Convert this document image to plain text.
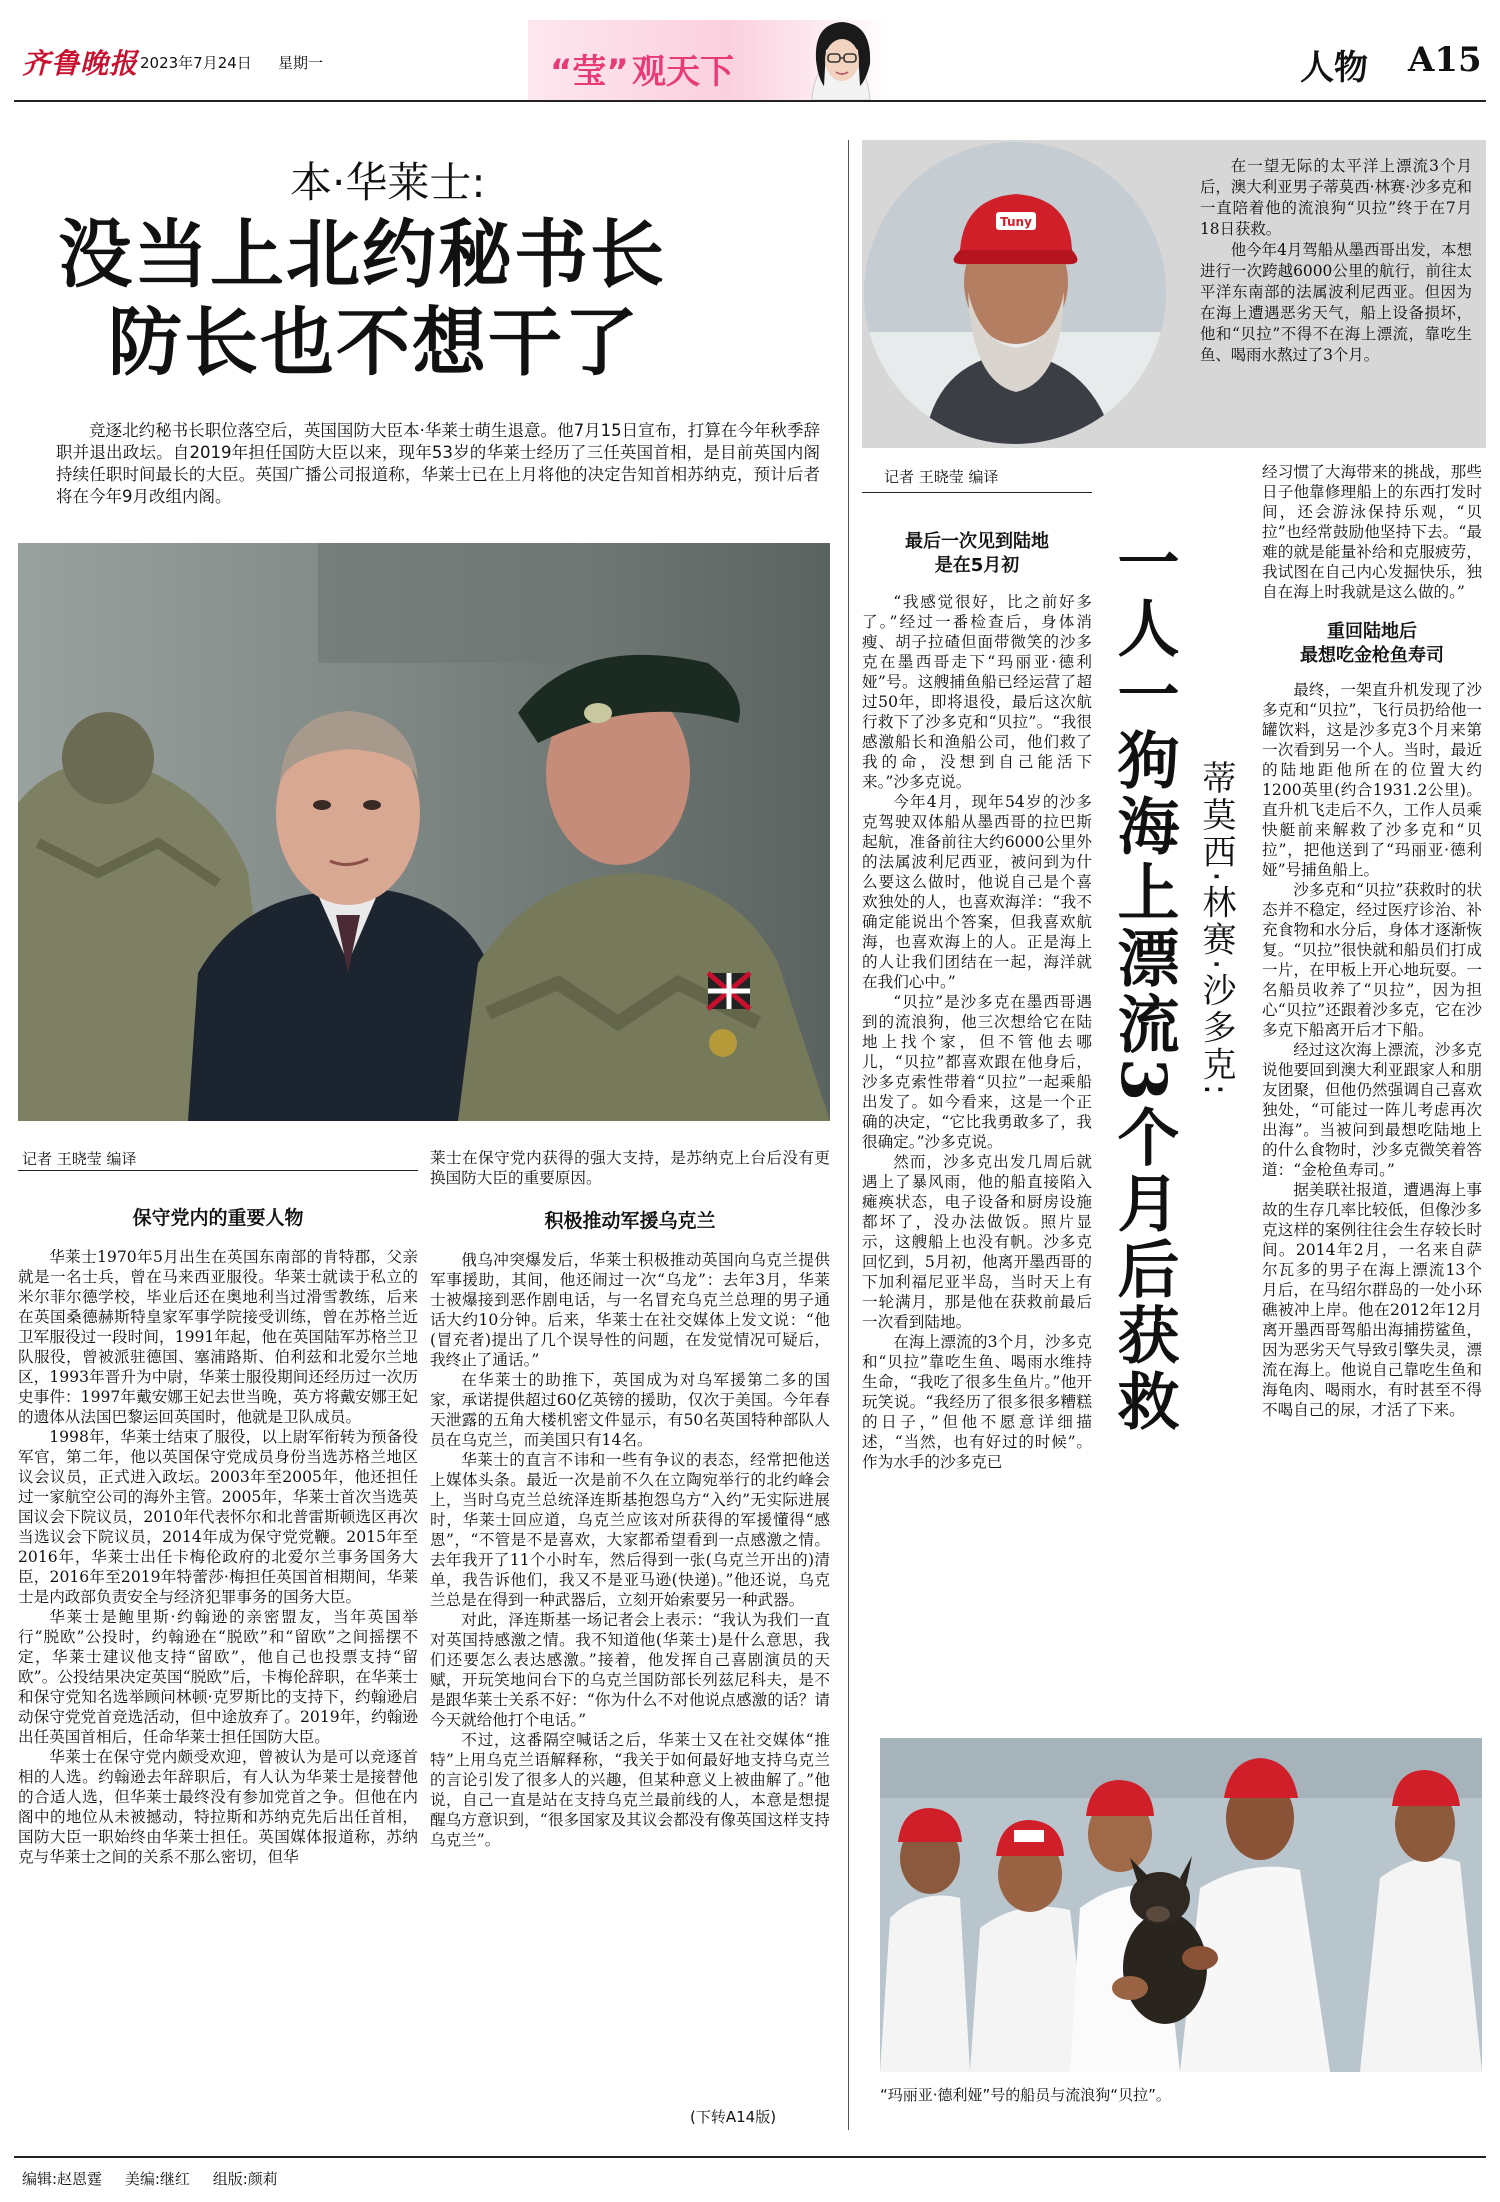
齐鲁晚报 2023年7月24日 星期一	“莹” 观天下	人物 A15
本·华莱士:
没当上北约秘书长
防长也不想干了
竞逐北约秘书长职位落空后，英国国防大臣本·华莱士萌生退意。他7月15日宣布，打算在今年秋季辞职并退出政坛。自2019年担任国防大臣以来，现年53岁的华莱士经历了三任英国首相，是目前英国内阁持续任职时间最长的大臣。英国广播公司报道称，华莱士已在上月将他的决定告知首相苏纳克，预计后者将在今年9月改组内阁。
记者 王晓莹 编译
保守党内的重要人物

华莱士1970年5月出生在英国东南部的肯特郡，父亲就是一名士兵，曾在马来西亚服役。华莱士就读于私立的米尔菲尔德学校，毕业后还在奥地利当过滑雪教练，后来在英国桑德赫斯特皇家军事学院接受训练，曾在苏格兰近卫军服役过一段时间，1991年起，他在英国陆军苏格兰卫队服役，曾被派驻德国、塞浦路斯、伯利兹和北爱尔兰地区，1993年晋升为中尉，华莱士服役期间还经历过一次历史事件：1997年戴安娜王妃去世当晚，英方将戴安娜王妃的遗体从法国巴黎运回英国时，他就是卫队成员。

1998年，华莱士结束了服役，以上尉军衔转为预备役军官，第二年，他以英国保守党成员身份当选苏格兰地区议会议员，正式进入政坛。2003年至2005年，他还担任过一家航空公司的海外主管。2005年，华莱士首次当选英国议会下院议员，2010年代表怀尔和北普雷斯顿选区再次当选议会下院议员，2014年成为保守党党鞭。2015年至2016年，华莱士出任卡梅伦政府的北爱尔兰事务国务大臣，2016年至2019年特蕾莎·梅担任英国首相期间，华莱士是内政部负责安全与经济犯罪事务的国务大臣。

华莱士是鲍里斯·约翰逊的亲密盟友，当年英国举行“脱欧”公投时，约翰逊在“脱欧”和“留欧”之间摇摆不定，华莱士建议他支持“留欧”，他自己也投票支持“留欧”。公投结果决定英国“脱欧”后，卡梅伦辞职，在华莱士和保守党知名选举顾问林顿·克罗斯比的支持下，约翰逊启动保守党党首竞选活动，但中途放弃了。2019年，约翰逊出任英国首相后，任命华莱士担任国防大臣。

华莱士在保守党内颇受欢迎，曾被认为是可以竞逐首相的人选。约翰逊去年辞职后，有人认为华莱士是接替他的合适人选，但华莱士最终没有参加党首之争。但他在内阁中的地位从未被撼动，特拉斯和苏纳克先后出任首相，国防大臣一职始终由华莱士担任。英国媒体报道称，苏纳克与华莱士之间的关系不那么密切，但华

莱士在保守党内获得的强大支持，是苏纳克上台后没有更换国防大臣的重要原因。

积极推动军援乌克兰

俄乌冲突爆发后，华莱士积极推动英国向乌克兰提供军事援助，其间，他还闹过一次“乌龙”：去年3月，华莱士被爆接到恶作剧电话，与一名冒充乌克兰总理的男子通话大约10分钟。后来，华莱士在社交媒体上发文说：“他(冒充者)提出了几个误导性的问题，在发觉情况可疑后，我终止了通话。”

在华莱士的助推下，英国成为对乌军援第二多的国家，承诺提供超过60亿英镑的援助，仅次于美国。今年春天泄露的五角大楼机密文件显示，有50名英国特种部队人员在乌克兰，而美国只有14名。

华莱士的直言不讳和一些有争议的表态，经常把他送上媒体头条。最近一次是前不久在立陶宛举行的北约峰会上，当时乌克兰总统泽连斯基抱怨乌方“入约”无实际进展时，华莱士回应道，乌克兰应该对所获得的军援懂得“感恩”，“不管是不是喜欢，大家都希望看到一点感激之情。去年我开了11个小时车，然后得到一张(乌克兰开出的)清单，我告诉他们，我又不是亚马逊(快递)。”他还说，乌克兰总是在得到一种武器后，立刻开始索要另一种武器。

对此，泽连斯基一场记者会上表示：“我认为我们一直对英国持感激之情。我不知道他(华莱士)是什么意思，我们还要怎么表达感激。”接着，他发挥自己喜剧演员的天赋，开玩笑地问台下的乌克兰国防部长列兹尼科夫，是不是跟华莱士关系不好：“你为什么不对他说点感激的话？请今天就给他打个电话。”

不过，这番隔空喊话之后，华莱士又在社交媒体“推特”上用乌克兰语解释称，“我关于如何最好地支持乌克兰的言论引发了很多人的兴趣，但某种意义上被曲解了。”他说，自己一直是站在支持乌克兰最前线的人，本意是想提醒乌方意识到，“很多国家及其议会都没有像英国这样支持乌克兰”。

(下转A14版)
Tuny

在一望无际的太平洋上漂流3个月后，澳大利亚男子蒂莫西·林赛·沙多克和一直陪着他的流浪狗“贝拉”终于在7月18日获救。

他今年4月驾船从墨西哥出发，本想进行一次跨越6000公里的航行，前往太平洋东南部的法属波利尼西亚。但因为在海上遭遇恶劣天气，船上设备损坏，他和“贝拉”不得不在海上漂流，靠吃生鱼、喝雨水熬过了3个月。

记者 王晓莹 编译
最后一次见到陆地
是在5月初

“我感觉很好，比之前好多了。”经过一番检查后，身体消瘦、胡子拉碴但面带微笑的沙多克在墨西哥走下“玛丽亚·德利娅”号。这艘捕鱼船已经运营了超过50年，即将退役，最后这次航行救下了沙多克和“贝拉”。“我很感激船长和渔船公司，他们救了我的命，没想到自己能活下来。”沙多克说。

今年4月，现年54岁的沙多克驾驶双体船从墨西哥的拉巴斯起航，准备前往大约6000公里外的法属波利尼西亚，被问到为什么要这么做时，他说自己是个喜欢独处的人，也喜欢海洋：“我不确定能说出个答案，但我喜欢航海，也喜欢海上的人。正是海上的人让我们团结在一起，海洋就在我们心中。”

“贝拉”是沙多克在墨西哥遇到的流浪狗，他三次想给它在陆地上找个家，但不管他去哪儿，“贝拉”都喜欢跟在他身后，沙多克索性带着“贝拉”一起乘船出发了。如今看来，这是一个正确的决定，“它比我勇敢多了，我很确定。”沙多克说。

然而，沙多克出发几周后就遇上了暴风雨，他的船直接陷入瘫痪状态，电子设备和厨房设施都坏了，没办法做饭。照片显示，这艘船上也没有帆。沙多克回忆到，5月初，他离开墨西哥的下加利福尼亚半岛，当时天上有一轮满月，那是他在获救前最后一次看到陆地。

在海上漂流的3个月，沙多克和“贝拉”靠吃生鱼、喝雨水维持生命，“我吃了很多生鱼片。”他开玩笑说。“我经历了很多很多糟糕的日子，”但他不愿意详细描述，“当然，也有好过的时候”。作为水手的沙多克已

一人一狗海上漂流3个月后获救 蒂莫西·林赛·沙多克:

经习惯了大海带来的挑战，那些日子他靠修理船上的东西打发时间，还会游泳保持乐观，“贝拉”也经常鼓励他坚持下去。“最难的就是能量补给和克服疲劳，我试图在自己内心发掘快乐，独自在海上时我就是这么做的。”

重回陆地后
最想吃金枪鱼寿司

最终，一架直升机发现了沙多克和“贝拉”，飞行员扔给他一罐饮料，这是沙多克3个月来第一次看到另一个人。当时，最近的陆地距他所在的位置大约1200英里(约合1931.2公里)。直升机飞走后不久，工作人员乘快艇前来解救了沙多克和“贝拉”，把他送到了“玛丽亚·德利娅”号捕鱼船上。

沙多克和“贝拉”获救时的状态并不稳定，经过医疗诊治、补充食物和水分后，身体才逐渐恢复。“贝拉”很快就和船员们打成一片，在甲板上开心地玩耍。一名船员收养了“贝拉”，因为担心“贝拉”还跟着沙多克，它在沙多克下船离开后才下船。

经过这次海上漂流，沙多克说他要回到澳大利亚跟家人和朋友团聚，但他仍然强调自己喜欢独处，“可能过一阵儿考虑再次出海”。当被问到最想吃陆地上的什么食物时，沙多克微笑着答道：“金枪鱼寿司。”

据美联社报道，遭遇海上事故的生存几率比较低，但像沙多克这样的案例往往会生存较长时间。2014年2月，一名来自萨尔瓦多的男子在海上漂流13个月后，在马绍尔群岛的一处小环礁被冲上岸。他在2012年12月离开墨西哥驾船出海捕捞鲨鱼，因为恶劣天气导致引擎失灵，漂流在海上。他说自己靠吃生鱼和海龟肉、喝雨水，有时甚至不得不喝自己的尿，才活了下来。

“玛丽亚·德利娅”号的船员与流浪狗“贝拉”。
编辑:赵恩霆 美编:继红 组版:颜莉
